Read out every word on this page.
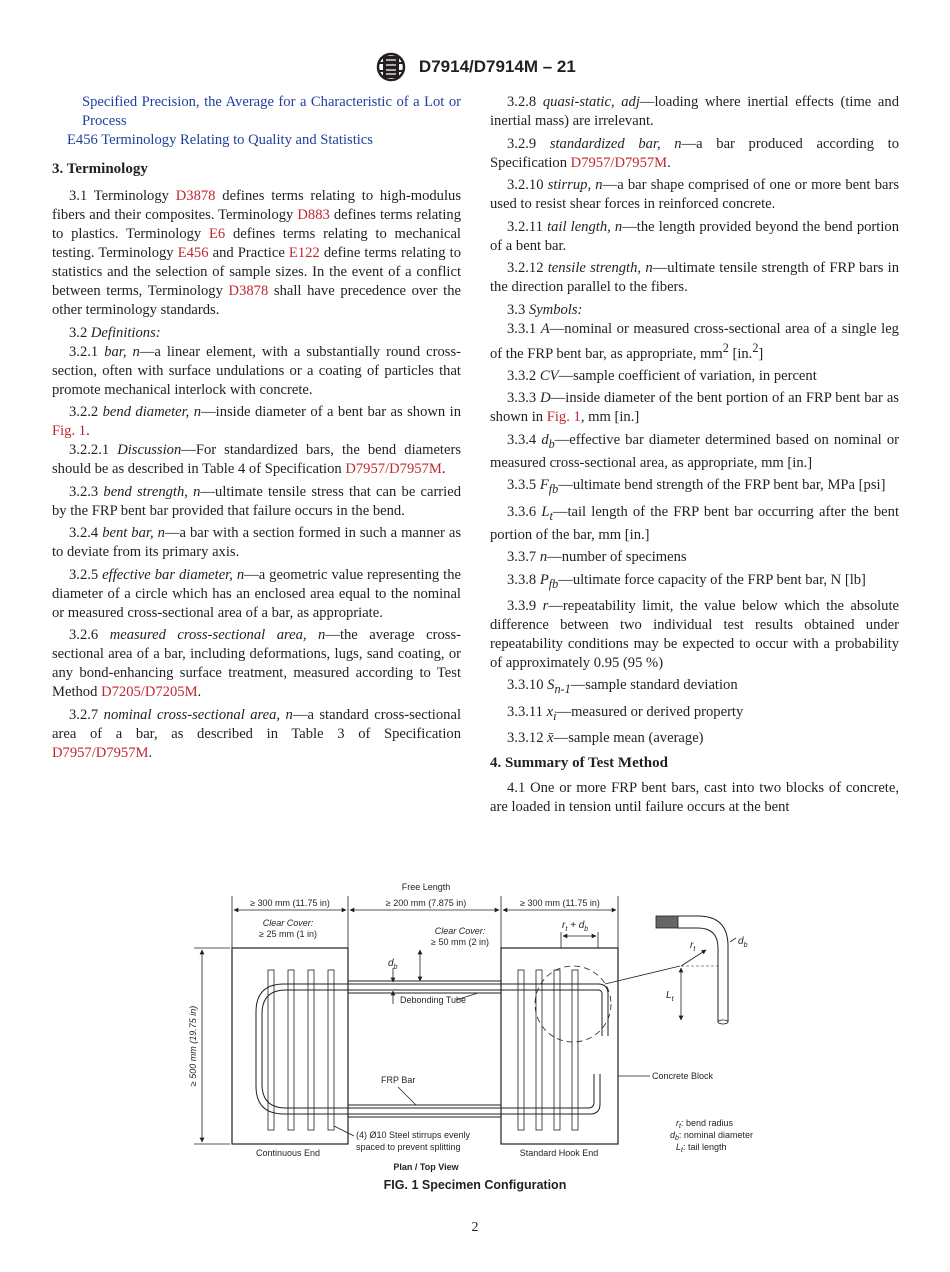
D7914/D7914M – 21

Specified Precision, the Average for a Characteristic of a Lot or Process

E456 Terminology Relating to Quality and Statistics

3. Terminology

3.1 Terminology D3878 defines terms relating to high-modulus fibers and their composites. Terminology D883 defines terms relating to plastics. Terminology E6 defines terms relating to mechanical testing. Terminology E456 and Practice E122 define terms relating to statistics and the selection of sample sizes. In the event of a conflict between terms, Terminology D3878 shall have precedence over the other terminology standards.

3.2 Definitions:

3.2.1 bar, n—a linear element, with a substantially round cross-section, often with surface undulations or a coating of particles that promote mechanical interlock with concrete.

3.2.2 bend diameter, n—inside diameter of a bent bar as shown in Fig. 1.

3.2.2.1 Discussion—For standardized bars, the bend diameters should be as described in Table 4 of Specification D7957/D7957M.

3.2.3 bend strength, n—ultimate tensile stress that can be carried by the FRP bent bar provided that failure occurs in the bend.

3.2.4 bent bar, n—a bar with a section formed in such a manner as to deviate from its primary axis.

3.2.5 effective bar diameter, n—a geometric value representing the diameter of a circle which has an enclosed area equal to the nominal or measured cross-sectional area of a bar, as appropriate.

3.2.6 measured cross-sectional area, n—the average cross-sectional area of a bar, including deformations, lugs, sand coating, or any bond-enhancing surface treatment, measured according to Test Method D7205/D7205M.

3.2.7 nominal cross-sectional area, n—a standard cross-sectional area of a bar, as described in Table 3 of Specification D7957/D7957M.

3.2.8 quasi-static, adj—loading where inertial effects (time and inertial mass) are irrelevant.

3.2.9 standardized bar, n—a bar produced according to Specification D7957/D7957M.

3.2.10 stirrup, n—a bar shape comprised of one or more bent bars used to resist shear forces in reinforced concrete.

3.2.11 tail length, n—the length provided beyond the bend portion of a bent bar.

3.2.12 tensile strength, n—ultimate tensile strength of FRP bars in the direction parallel to the fibers.

3.3 Symbols:

3.3.1 A—nominal or measured cross-sectional area of a single leg of the FRP bent bar, as appropriate, $mm^2$ [in.$^2$]

3.3.2 CV—sample coefficient of variation, in percent

3.3.3 D—inside diameter of the bent portion of an FRP bent bar as shown in Fig. 1, mm [in.]

3.3.4 $d_b—effective$ bar diameter determined based on nominal or measured cross-sectional area, as appropriate, mm [in.]

3.3.5 $F_{fb}—ultimate$ bend strength of the FRP bent bar, MPa [psi]

3.3.6 $L_t—tail$ length of the FRP bent bar occurring after the bent portion of the bar, mm [in.]

3.3.7 n—number of specimens

3.3.8 $P_{fb}—ultimate$ force capacity of the FRP bent bar, N [lb]

3.3.9 r—repeatability limit, the value below which the absolute difference between two individual test results obtained under repeatability conditions may be expected to occur with a probability of approximately 0.95 (95 %)

3.3.10 $S_{n-1}—sample$ standard deviation

3.3.11 $x_i—measured$ or derived property

3.3.12 x̄—sample mean (average)

4. Summary of Test Method

4.1 One or more FRP bent bars, cast into two blocks of concrete, are loaded in tension until failure occurs at the bent

Free Length
≥ 300 mm (11.75 in)	≥ 200 mm (7.875 in)	≥ 300 mm (11.75 in)
Clear Cover:
≥ 25 mm (1 in)	Clear Cover:
≥ 50 mm (2 in)
≥ 500 mm (19.75 in)
$d_b$
Debonding Tube
$r_t + d_b$
FRP Bar	Concrete Block
(4) Ø10 Steel stirrups evenly
spaced to prevent splitting
Continuous End	Standard Hook End
Plan / Top View
$r_t$
$d_b$
$L_t$
$r_t$: bend radius
$d_b$: nominal diameter
$L_t$: tail length
FIG. 1 Specimen Configuration
2
